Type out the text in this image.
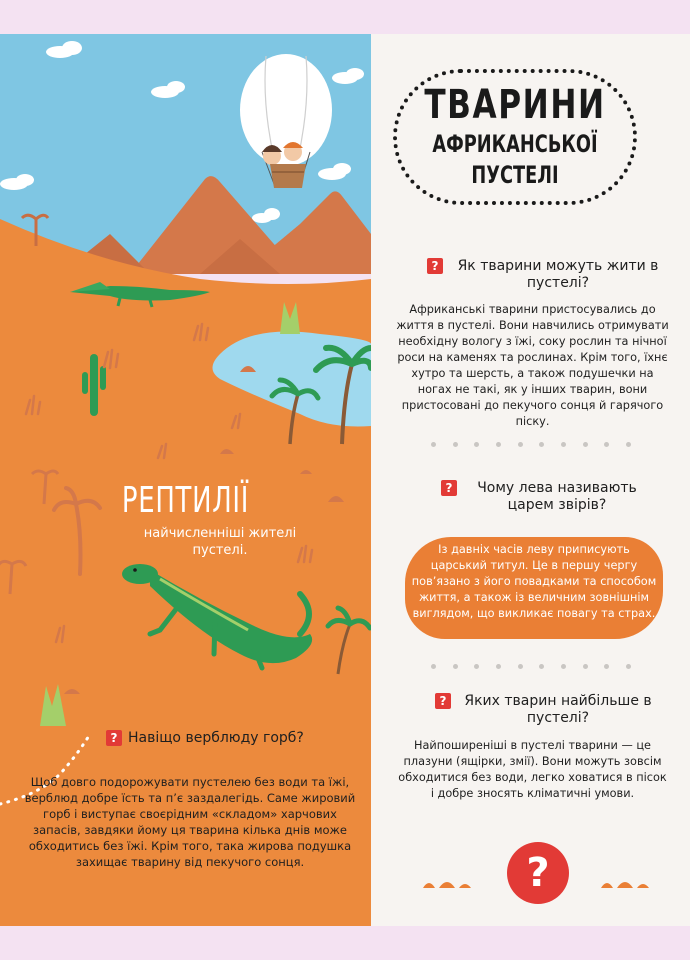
РЕПТИЛІЇ
найчисленніші жителі пустелі.
? Навіщо верблюду горб?
Щоб довго подорожувати пустелею без води та їжі, верблюд добре їсть та п’є заздалегідь. Саме жировий горб і виступає своєрідним «складом» харчових запасів, завдяки йому ця тварина кілька днів може обходитись без їжі. Крім того, така жирова подушка захищає тварину від пекучого сонця.
ТВАРИНИ
АФРИКАНСЬКОЇ
ПУСТЕЛІ
?	Як тварини можуть жити в пустелі?
Африканські тварини пристосувались до життя в пустелі. Вони навчились отримувати необхідну вологу з їжі, соку рослин та нічної роси на каменях та рослинах. Крім того, їхнє хутро та шерсть, а також подушечки на ногах не такі, як у інших тварин, вони пристосовані до пекучого сонця й гарячого піску.
?	Чому лева називають царем звірів?
Із давніх часів леву приписують царський титул. Це в першу чергу пов’язано з його повадками та способом життя, а також із величним зовнішнім виглядом, що викликає повагу та страх.
?	Яких тварин найбільше в пустелі?
Найпоширеніші в пустелі тварини — це плазуни (ящірки, змії). Вони можуть зовсім обходитися без води, легко ховатися в пісок і добре зносять кліматичні умови.
?
